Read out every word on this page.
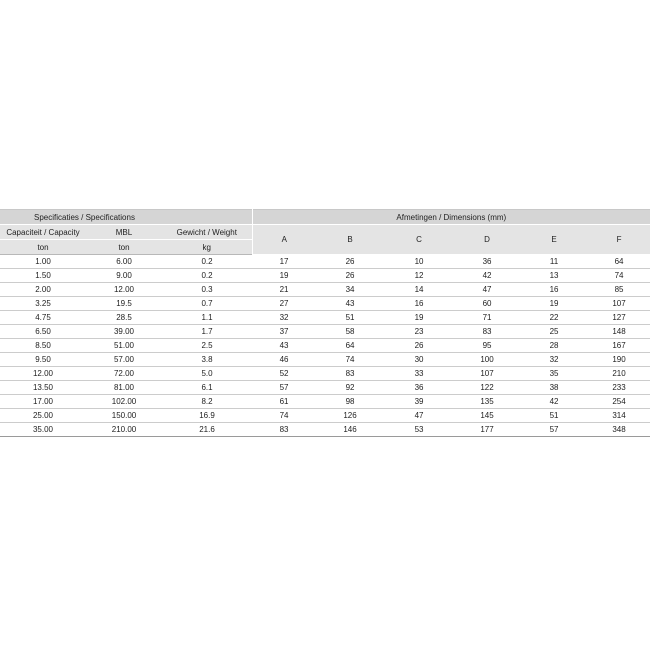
Specificaties / Specifications			Afmetingen / Dimensions (mm)					
Capaciteit / Capacity	MBL	Gewicht / Weight	A	B	C	D	E	F
ton	ton	kg						
1.00	6.00	0.2	17	26	10	36	11	64
1.50	9.00	0.2	19	26	12	42	13	74
2.00	12.00	0.3	21	34	14	47	16	85
3.25	19.5	0.7	27	43	16	60	19	107
4.75	28.5	1.1	32	51	19	71	22	127
6.50	39.00	1.7	37	58	23	83	25	148
8.50	51.00	2.5	43	64	26	95	28	167
9.50	57.00	3.8	46	74	30	100	32	190
12.00	72.00	5.0	52	83	33	107	35	210
13.50	81.00	6.1	57	92	36	122	38	233
17.00	102.00	8.2	61	98	39	135	42	254
25.00	150.00	16.9	74	126	47	145	51	314
35.00	210.00	21.6	83	146	53	177	57	348
